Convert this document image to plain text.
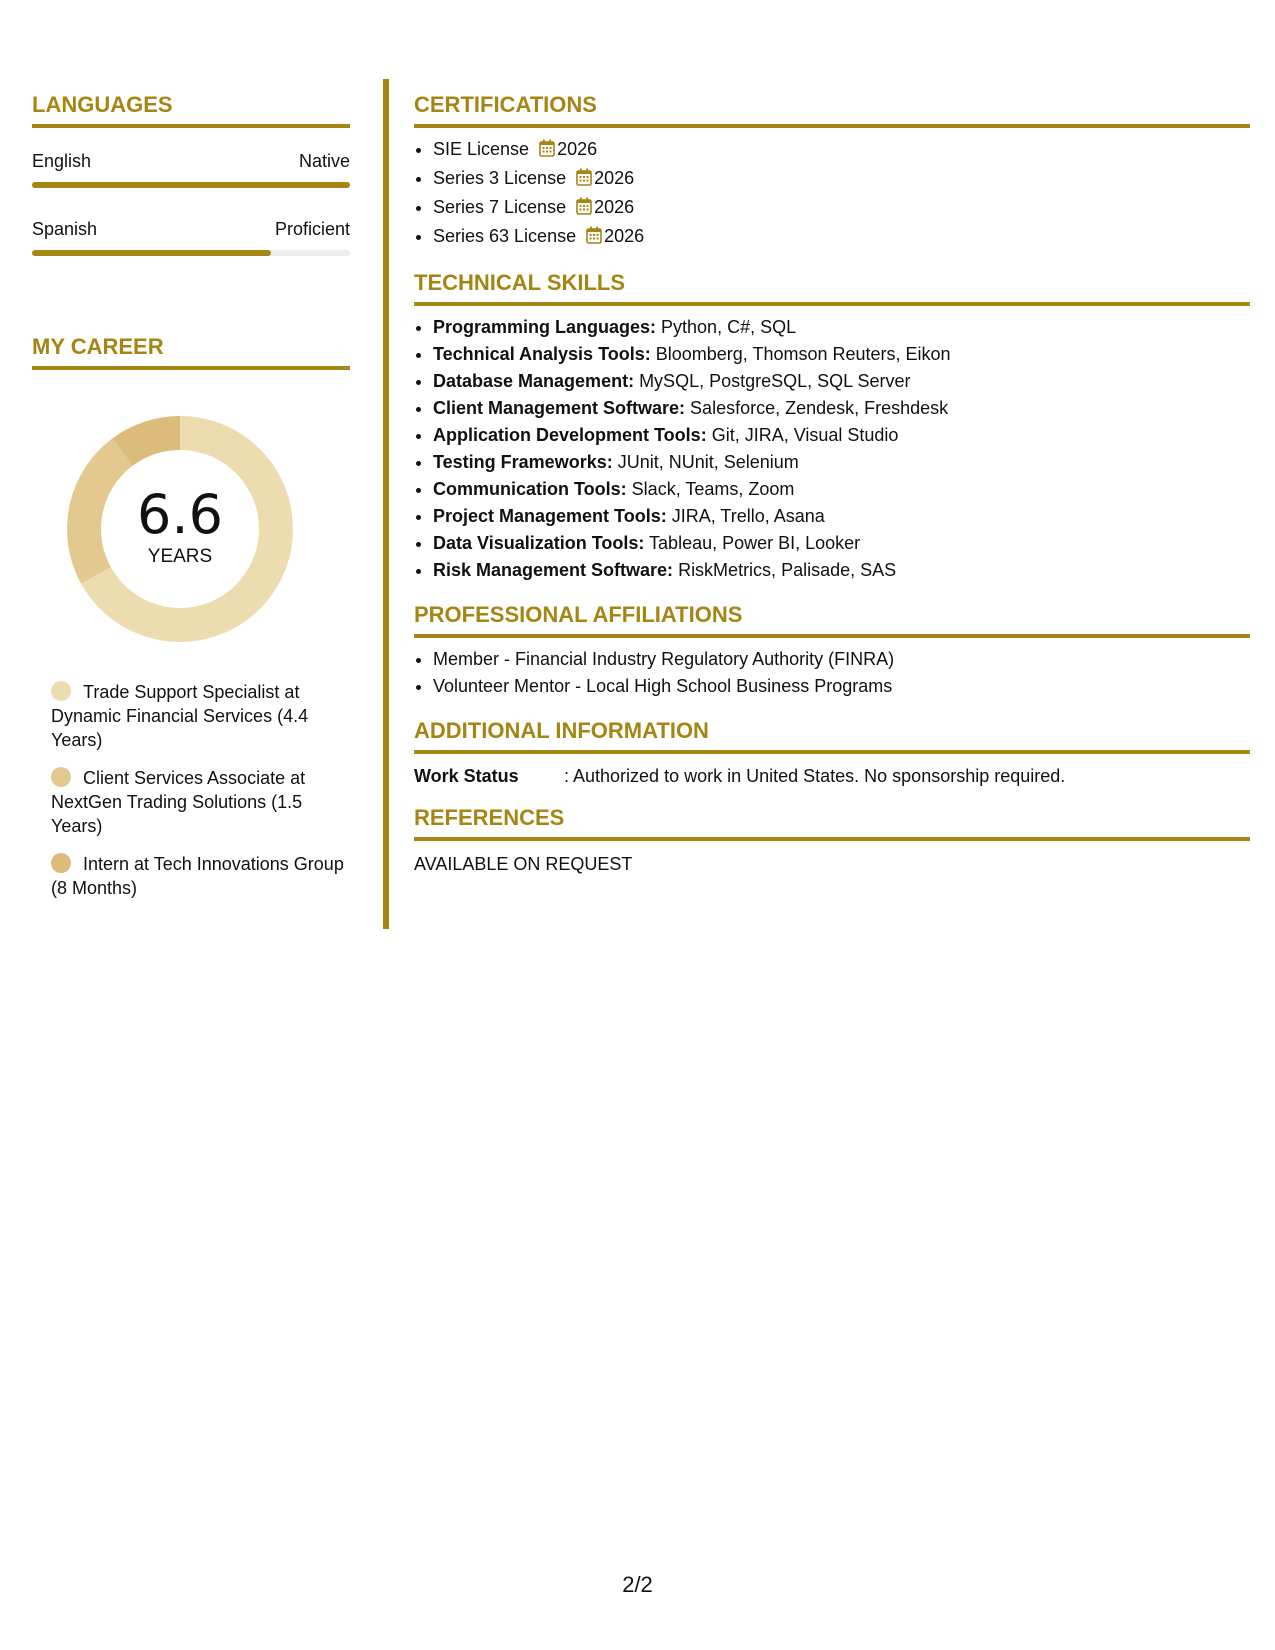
LANGUAGES
English	Native
Spanish	Proficient
MY CAREER
6.6
YEARS
Trade Support Specialist at Dynamic Financial Services (4.4 Years)
Client Services Associate at NextGen Trading Solutions (1.5 Years)
Intern at Tech Innovations Group (8 Months)
CERTIFICATIONS
• SIE License 2026
• Series 3 License 2026
• Series 7 License 2026
• Series 63 License 2026
TECHNICAL SKILLS
• Programming Languages: Python, C#, SQL
• Technical Analysis Tools: Bloomberg, Thomson Reuters, Eikon
• Database Management: MySQL, PostgreSQL, SQL Server
• Client Management Software: Salesforce, Zendesk, Freshdesk
• Application Development Tools: Git, JIRA, Visual Studio
• Testing Frameworks: JUnit, NUnit, Selenium
• Communication Tools: Slack, Teams, Zoom
• Project Management Tools: JIRA, Trello, Asana
• Data Visualization Tools: Tableau, Power BI, Looker
• Risk Management Software: RiskMetrics, Palisade, SAS
PROFESSIONAL AFFILIATIONS
• Member - Financial Industry Regulatory Authority (FINRA)
• Volunteer Mentor - Local High School Business Programs
ADDITIONAL INFORMATION
Work Status	: Authorized to work in United States. No sponsorship required.
REFERENCES
AVAILABLE ON REQUEST
2/2
